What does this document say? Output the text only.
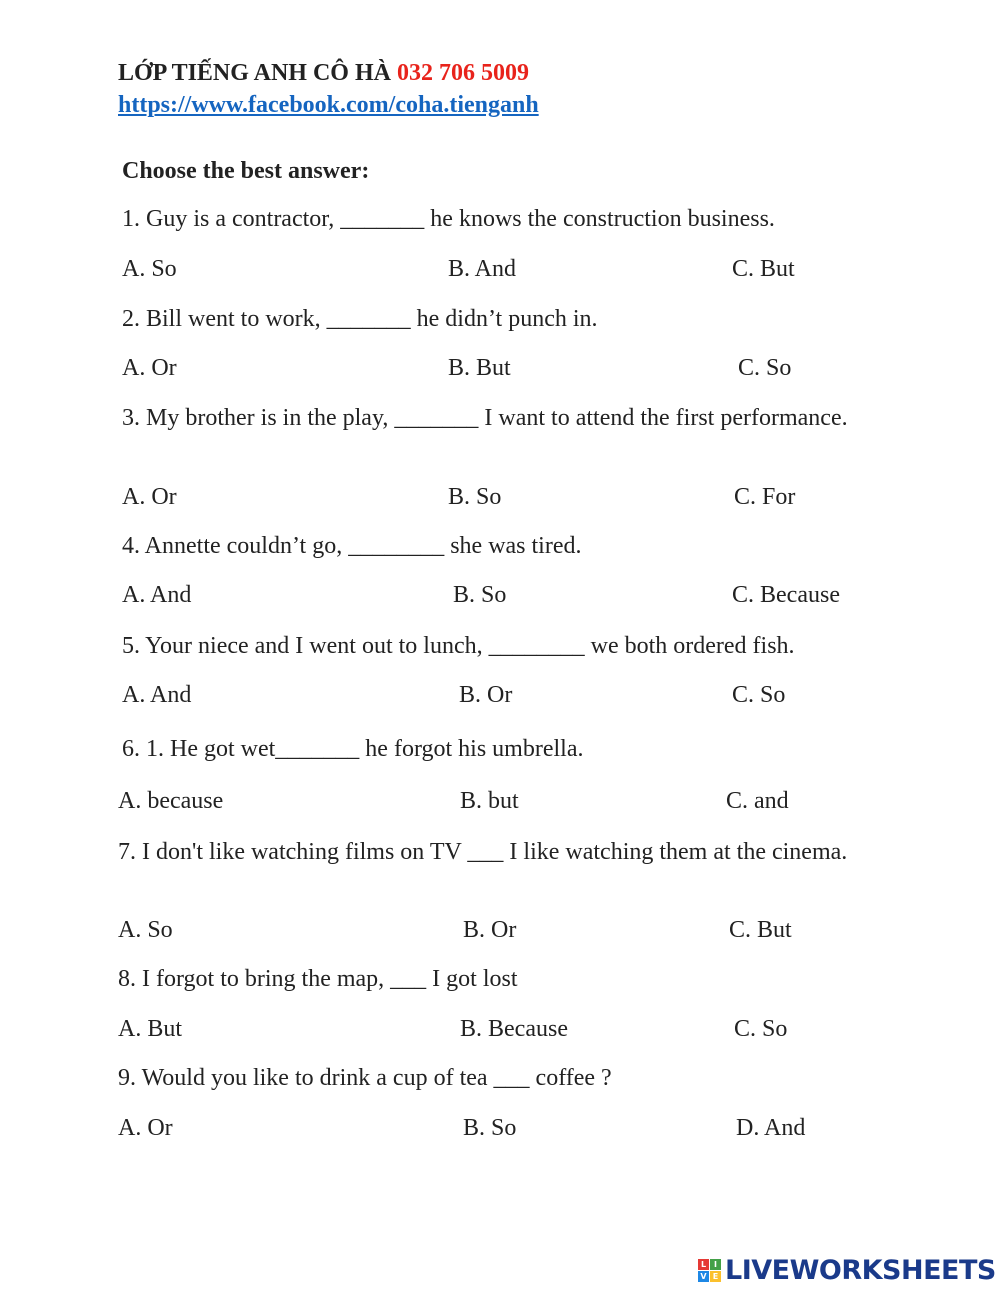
LỚP TIẾNG ANH CÔ HÀ 032 706 5009
https://www.facebook.com/coha.tienganh
Choose the best answer:
1. Guy is a contractor, _______ he knows the construction business.
A. So	B. And	C. But
2. Bill went to work, _______ he didn’t punch in.
A. Or	B. But	C. So
3. My brother is in the play, _______ I want to attend the first performance.
A. Or	B. So	C. For
4. Annette couldn’t go, ________ she was tired.
A. And	B. So	C. Because
5. Your niece and I went out to lunch, ________ we both ordered fish.
A. And	B. Or	C. So
6. 1. He got wet_______ he forgot his umbrella.
A. because	B. but	C. and
7. I don't like watching films on TV ___ I like watching them at the cinema.
A. So	B. Or	C. But
8. I forgot to bring the map, ___ I got lost
A. But	B. Because	C. So
9. Would you like to drink a cup of tea ___ coffee ?
A. Or	B. So	D. And
L I
V E LIVEWORKSHEETS
